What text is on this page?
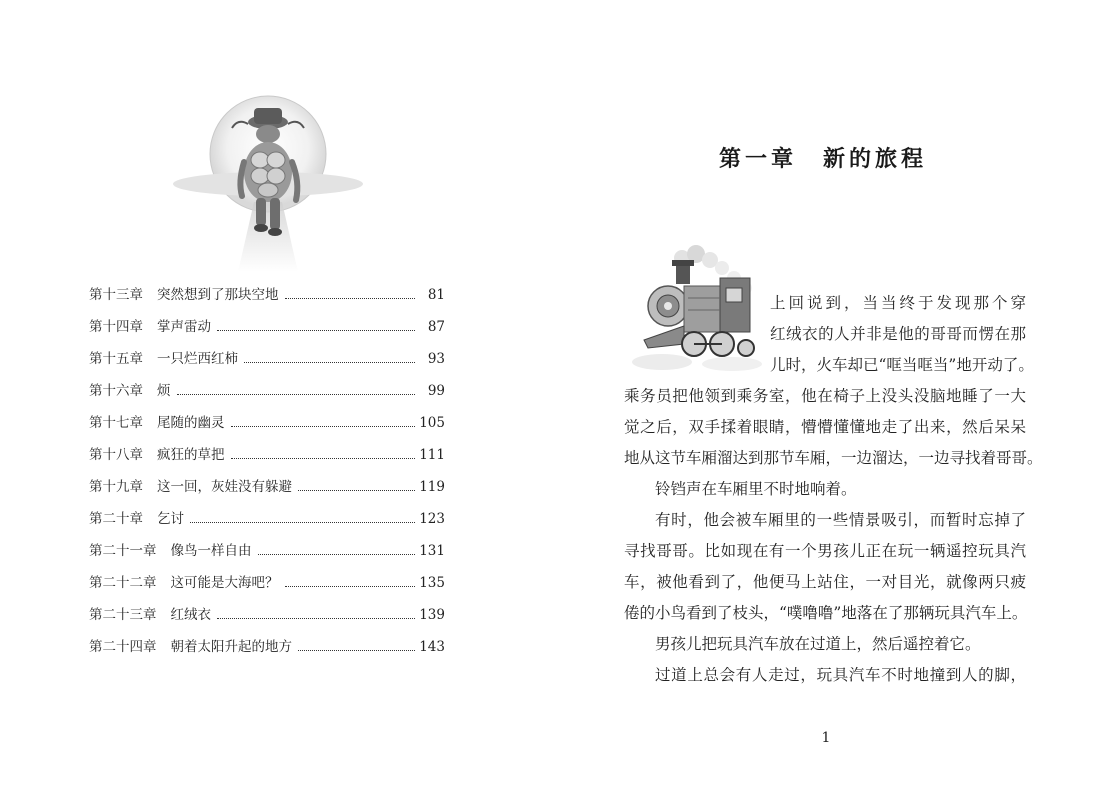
第十三章 突然想到了那块空地	81
第十四章 掌声雷动	87
第十五章 一只烂西红柿	93
第十六章 烦	99
第十七章 尾随的幽灵	105
第十八章 疯狂的草把	111
第十九章 这一回，灰娃没有躲避	119
第二十章 乞讨	123
第二十一章 像鸟一样自由	131
第二十二章 这可能是大海吧？	135
第二十三章 红绒衣	139
第二十四章 朝着太阳升起的地方	143
第一章　新的旅程

上回说到，当当终于发现那个穿
红绒衣的人并非是他的哥哥而愣在那
儿时，火车却已“哐当哐当”地开动了。
乘务员把他领到乘务室，他在椅子上没头没脑地睡了一大
觉之后，双手揉着眼睛，懵懵懂懂地走了出来，然后呆呆
地从这节车厢溜达到那节车厢，一边溜达，一边寻找着哥哥。

铃铛声在车厢里不时地响着。

有时，他会被车厢里的一些情景吸引，而暂时忘掉了
寻找哥哥。比如现在有一个男孩儿正在玩一辆遥控玩具汽
车，被他看到了，他便马上站住，一对目光，就像两只疲
倦的小鸟看到了枝头，“噗噜噜”地落在了那辆玩具汽车上。

男孩儿把玩具汽车放在过道上，然后遥控着它。

过道上总会有人走过，玩具汽车不时地撞到人的脚，

1
